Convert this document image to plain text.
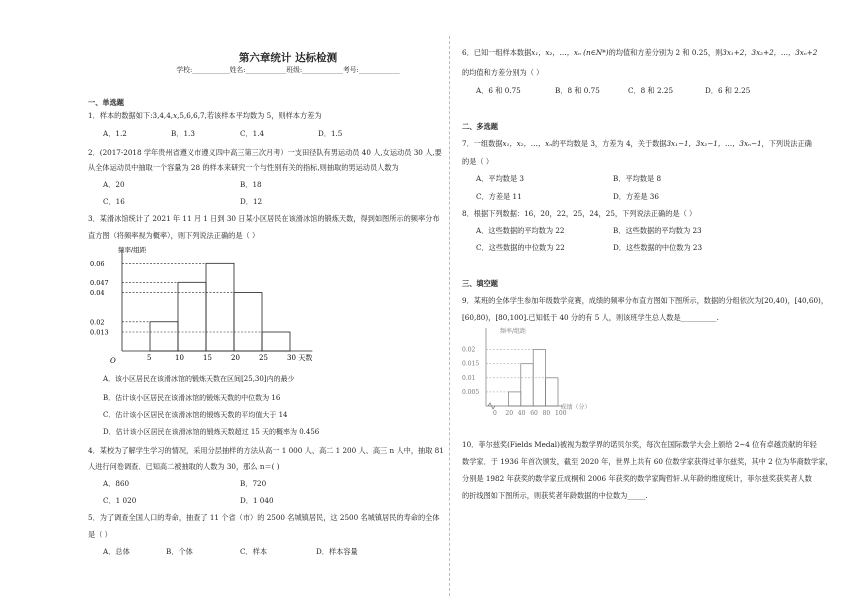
第六章统计 达标检测
学校:___________姓名:____________班级:____________考号:____________
一、单选题
1．样本的数据如下:3,4,4,x,5,6,6,7,若该样本平均数为 5，则样本方差为
A．1.2	B．1.3	C．1.4	D．1.5
2．(2017-2018 学年贵州省遵义市遵义四中高三第三次月考）一支田径队有男运动员 40 人,女运动员 30 人,要
从全体运动员中抽取一个容量为 28 的样本来研究一个与性别有关的指标,则抽取的男运动员人数为
A．20	B．18
C．16	D．12
3．某滑冰馆统计了 2021 年 11 月 1 日到 30 日某小区居民在该滑冰馆的锻炼天数，得到如图所示的频率分布
直方图（将频率视为概率），则下列说法正确的是（ ）
频率/组距
天数
O
0.013
0.02
0.04
0.047
0.06
5	10	15	20	25	30
A．该小区居民在该滑冰馆的锻炼天数在区间[25,30]内的最少
B．估计该小区居民在该滑冰馆的锻炼天数的中位数为 16
C．估计该小区居民在该滑冰馆的锻炼天数的平均值大于 14
D．估计该小区居民在该滑冰馆的锻炼天数超过 15 天的概率为 0.456
4．某校为了解学生学习的情况，采用分层抽样的方法从高一 1 000 人、高二 1 200 人、高三 n 人中，抽取 81
人进行问卷调查．已知高二被抽取的人数为 30，那么 n＝( )
A．860	B．720
C．1 020	D．1 040
5．为了调查全国人口的寿命，抽查了 11 个省（市）的 2500 名城镇居民，这 2500 名城镇居民的寿命的全体
是（ ）
A．总体	B．个体	C．样本	D．样本容量
6．已知一组样本数据x₁，x₂，…，xₙ (n∈N*)的均值和方差分别为 2 和 0.25，则3x₁+2，3x₂+2，…，3xₙ+2
的均值和方差分别为（ ）
A．6 和 0.75	B．8 和 0.75	C．8 和 2.25	D．6 和 2.25
二、多选题
7．一组数据x₁，x₂，…，xₙ的平均数是 3，方差为 4，关于数据3x₁−1，3x₂−1，…，3xₙ−1，下列说法正确
的是（ ）
A．平均数是 3	B．平均数是 8
C．方差是 11	D．方差是 36
8．根据下列数据：16，20，22，25，24，25，下列说法正确的是（ ）
A．这些数据的平均数为 22	B．这些数据的平均数为 23
C．这些数据的中位数为 22	D．这些数据的中位数为 23
三、填空题
9．某班的全体学生参加年级数学竞赛，成绩的频率分布直方图如下图所示，数据的分组依次为[20,40)，[40,60)，
[60,80)，[80,100].已知低于 40 分的有 5 人，则该班学生总人数是__________.
频率/组距
成绩（分）
0.005
0.01
0.015
0.02
0 20 40 60 80 100
10．菲尔兹奖(Fields Medal)被视为数学界的诺贝尔奖，每次在国际数学大会上颁给 2~4 位有卓越贡献的年轻
数学家．于 1936 年首次颁发，截至 2020 年，世界上共有 60 位数学家获得过菲尔兹奖，其中 2 位为华裔数学家，
分别是 1982 年获奖的数学家丘成桐和 2006 年获奖的数学家陶哲轩.从年龄的维度统计，菲尔兹奖获奖者人数
的折线图如下图所示，则获奖者年龄数据的中位数为_____.
